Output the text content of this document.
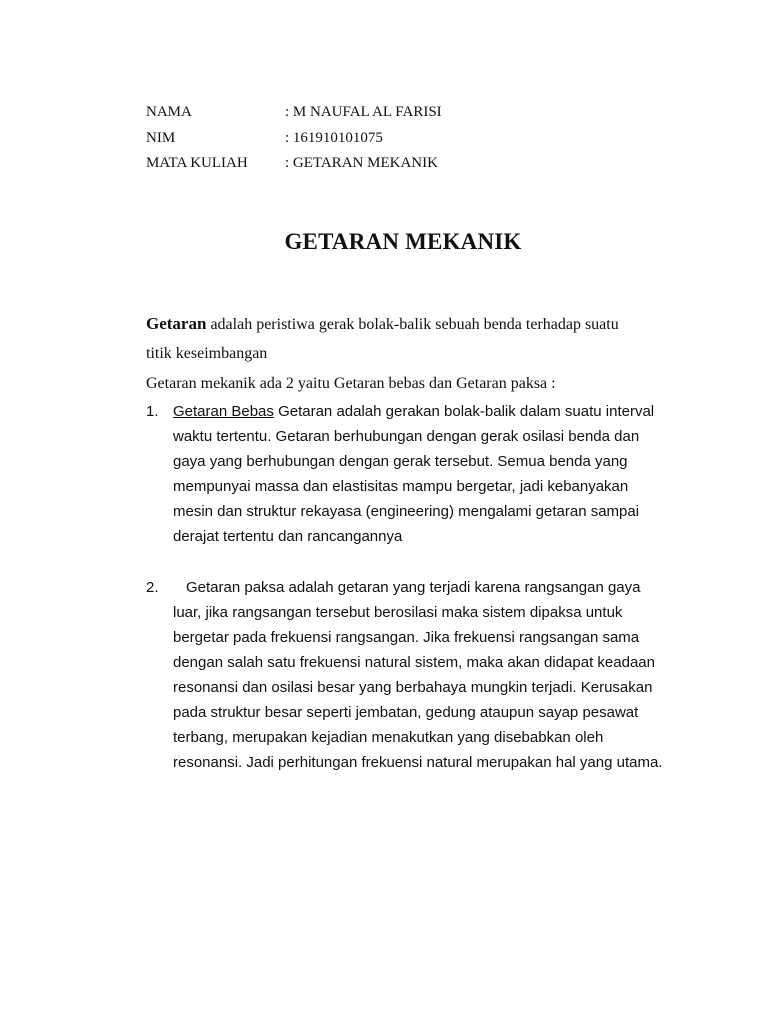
NAMA	: M NAUFAL AL FARISI
NIM	: 161910101075
MATA KULIAH : GETARAN MEKANIK
GETARAN MEKANIK
Getaran adalah peristiwa gerak bolak-balik sebuah benda terhadap suatu titik keseimbangan
Getaran mekanik ada 2 yaitu Getaran bebas dan Getaran paksa :
1. Getaran Bebas Getaran adalah gerakan bolak-balik dalam suatu interval waktu tertentu. Getaran berhubungan dengan gerak osilasi benda dan gaya yang berhubungan dengan gerak tersebut. Semua benda yang mempunyai massa dan elastisitas mampu bergetar, jadi kebanyakan mesin dan struktur rekayasa (engineering) mengalami getaran sampai derajat tertentu dan rancangannya
2.	Getaran paksa adalah getaran yang terjadi karena rangsangan gaya luar, jika rangsangan tersebut berosilasi maka sistem dipaksa untuk bergetar pada frekuensi rangsangan. Jika frekuensi rangsangan sama dengan salah satu frekuensi natural sistem, maka akan didapat keadaan resonansi dan osilasi besar yang berbahaya mungkin terjadi. Kerusakan pada struktur besar seperti jembatan, gedung ataupun sayap pesawat terbang, merupakan kejadian menakutkan yang disebabkan oleh resonansi. Jadi perhitungan frekuensi natural merupakan hal yang utama.
